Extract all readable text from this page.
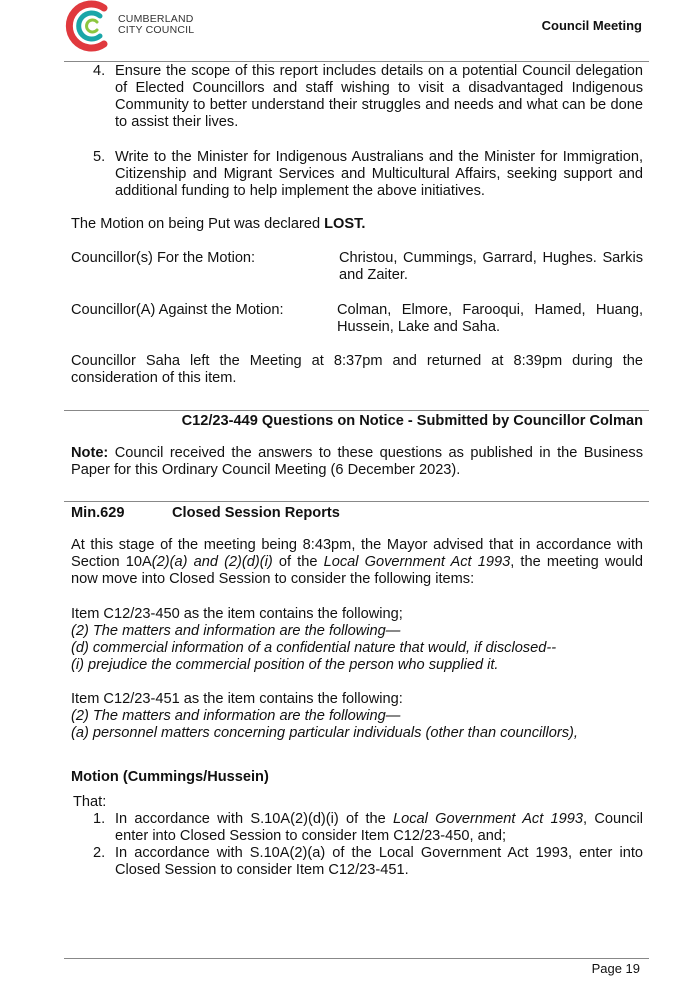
CUMBERLAND
CITY COUNCIL	Council Meeting
4. Ensure the scope of this report includes details on a potential Council delegation of Elected Councillors and staff wishing to visit a disadvantaged Indigenous Community to better understand their struggles and needs and what can be done to assist their lives.
5. Write to the Minister for Indigenous Australians and the Minister for Immigration, Citizenship and Migrant Services and Multicultural Affairs, seeking support and additional funding to help implement the above initiatives.
The Motion on being Put was declared LOST.
Councillor(s) For the Motion:	Christou, Cummings, Garrard, Hughes. Sarkis and Zaiter.
Councillor(A) Against the Motion:	Colman, Elmore, Farooqui, Hamed, Huang, Hussein, Lake and Saha.
Councillor Saha left the Meeting at 8:37pm and returned at 8:39pm during the consideration of this item.
C12/23-449 Questions on Notice - Submitted by Councillor Colman
Note: Council received the answers to these questions as published in the Business Paper for this Ordinary Council Meeting (6 December 2023).
Min.629	Closed Session Reports
At this stage of the meeting being 8:43pm, the Mayor advised that in accordance with Section 10A(2)(a) and (2)(d)(i) of the Local Government Act 1993, the meeting would now move into Closed Session to consider the following items:
Item C12/23-450 as the item contains the following;
(2) The matters and information are the following—
(d) commercial information of a confidential nature that would, if disclosed--
(i) prejudice the commercial position of the person who supplied it.
Item C12/23-451 as the item contains the following:
(2) The matters and information are the following—
(a) personnel matters concerning particular individuals (other than councillors),
Motion (Cummings/Hussein)
That:
1. In accordance with S.10A(2)(d)(i) of the Local Government Act 1993, Council enter into Closed Session to consider Item C12/23-450, and;
2. In accordance with S.10A(2)(a) of the Local Government Act 1993, enter into Closed Session to consider Item C12/23-451.
Page 19
